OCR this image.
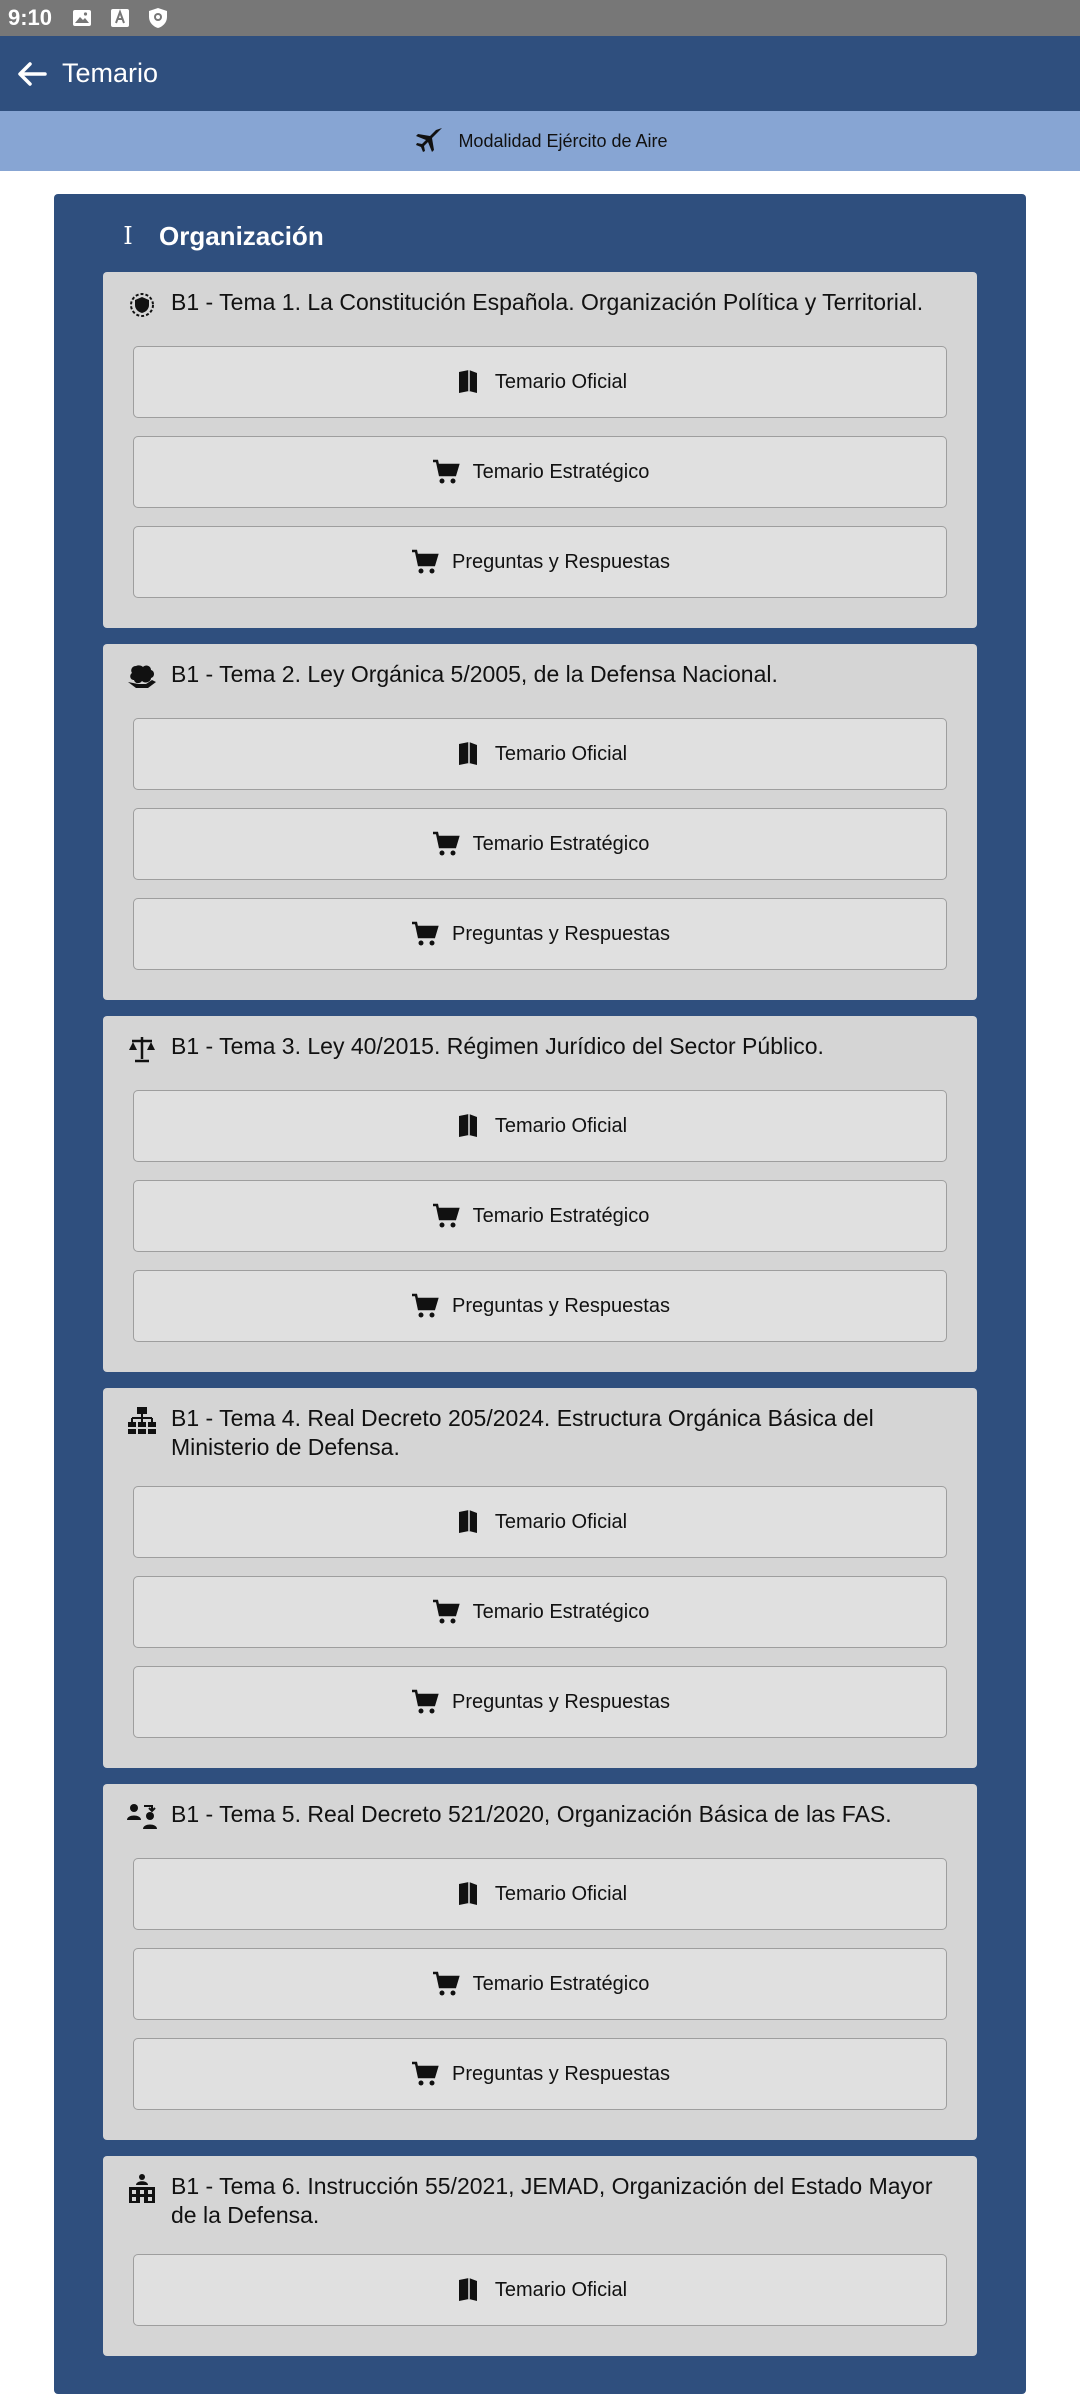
9:10
Temario
Modalidad Ejército de Aire
I	Organización
B1 - Tema 1. La Constitución Española. Organización Política y Territorial.
Temario Oficial
Temario Estratégico
Preguntas y Respuestas
B1 - Tema 2. Ley Orgánica 5/2005, de la Defensa Nacional.
Temario Oficial
Temario Estratégico
Preguntas y Respuestas
B1 - Tema 3. Ley 40/2015. Régimen Jurídico del Sector Público.
Temario Oficial
Temario Estratégico
Preguntas y Respuestas
B1 - Tema 4. Real Decreto 205/2024. Estructura Orgánica Básica del Ministerio de Defensa.
Temario Oficial
Temario Estratégico
Preguntas y Respuestas
B1 - Tema 5. Real Decreto 521/2020, Organización Básica de las FAS.
Temario Oficial
Temario Estratégico
Preguntas y Respuestas
B1 - Tema 6. Instrucción 55/2021, JEMAD, Organización del Estado Mayor de la Defensa.
Temario Oficial
